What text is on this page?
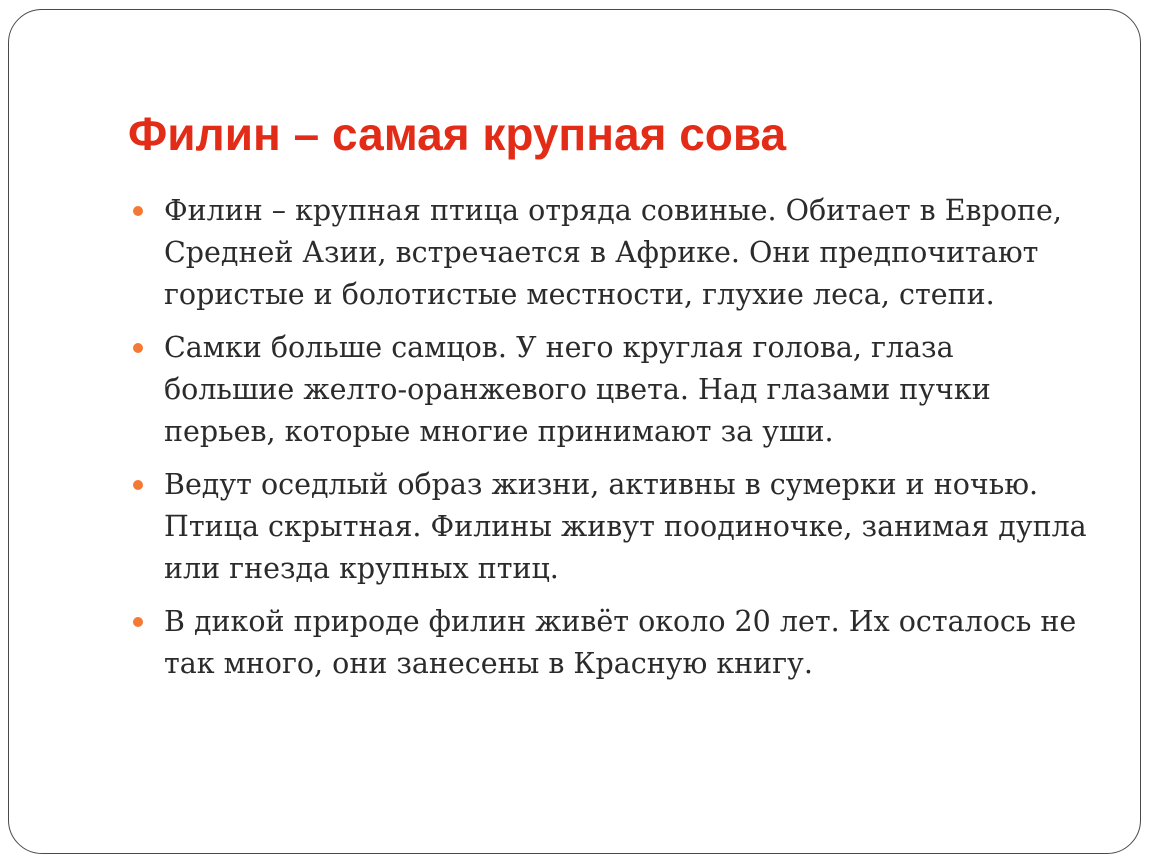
Филин – самая крупная сова
Филин – крупная птица отряда совиные. Обитает в Европе, Средней Азии, встречается в Африке. Они предпочитают гористые и болотистые местности, глухие леса, степи.
Самки больше самцов. У него круглая голова, глаза большие желто-оранжевого цвета. Над глазами пучки перьев, которые многие принимают за уши.
Ведут оседлый образ жизни, активны в сумерки и ночью. Птица скрытная. Филины живут поодиночке, занимая дупла или гнезда крупных птиц.
В дикой природе филин живёт около 20 лет. Их осталось не так много, они занесены в Красную книгу.
